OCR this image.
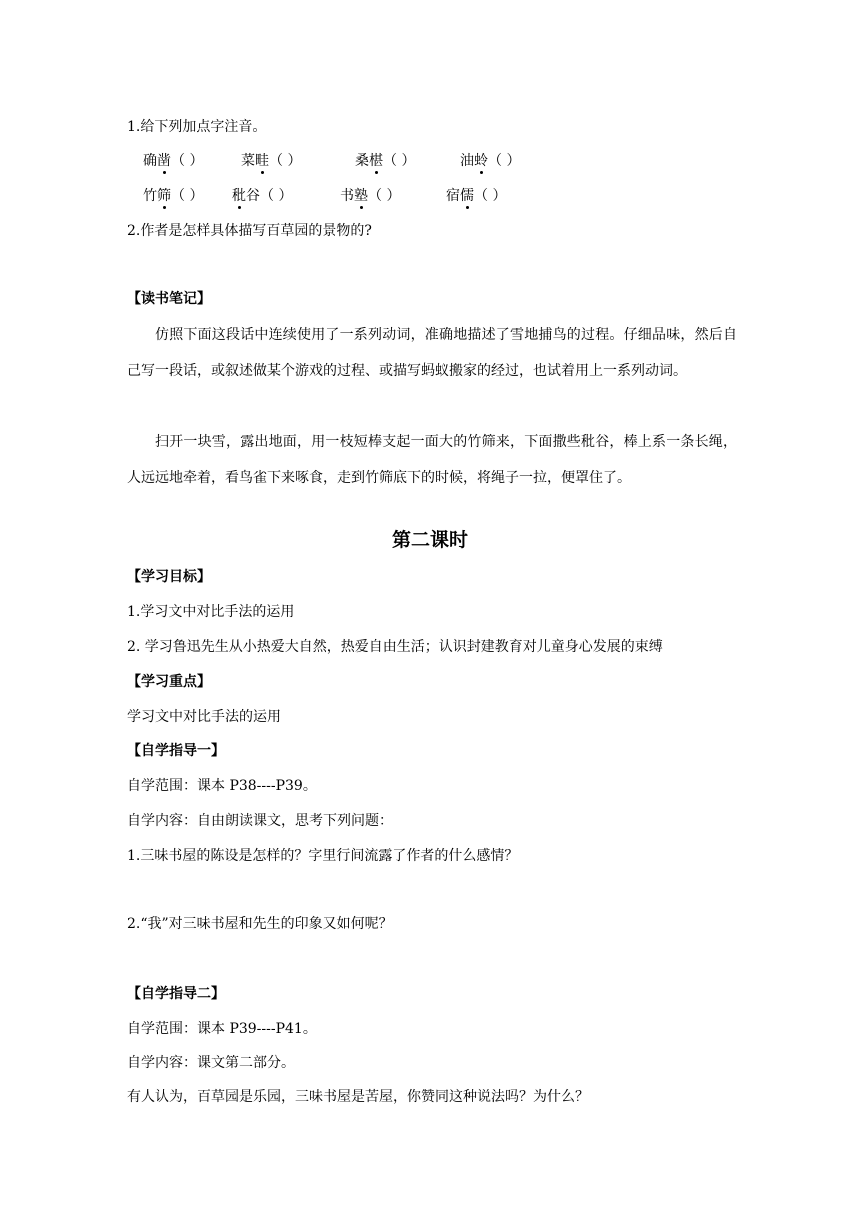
1.给下列加点字注音。
确凿（ ）	菜畦（ ）	桑椹（ ）	油蛉（ ）
竹筛（ ） 秕谷（ ）	书塾（ ）	宿儒（ ）
2.作者是怎样具体描写百草园的景物的?
【读书笔记】

仿照下面这段话中连续使用了一系列动词，准确地描述了雪地捕鸟的过程。仔细品味，然后自己写一段话，或叙述做某个游戏的过程、或描写蚂蚁搬家的经过，也试着用上一系列动词。

扫开一块雪，露出地面，用一枝短棒支起一面大的竹筛来，下面撒些秕谷，棒上系一条长绳，人远远地牵着，看鸟雀下来啄食，走到竹筛底下的时候，将绳子一拉，便罩住了。

第二课时
【学习目标】
1.学习文中对比手法的运用
2. 学习鲁迅先生从小热爱大自然，热爱自由生活；认识封建教育对儿童身心发展的束缚
【学习重点】
学习文中对比手法的运用
【自学指导一】
自学范围：课本 P38----P39。
自学内容：自由朗读课文，思考下列问题：
1.三味书屋的陈设是怎样的？字里行间流露了作者的什么感情？
2.“我”对三味书屋和先生的印象又如何呢？
【自学指导二】
自学范围：课本 P39----P41。
自学内容：课文第二部分。
有人认为，百草园是乐园，三味书屋是苦屋，你赞同这种说法吗？为什么？
